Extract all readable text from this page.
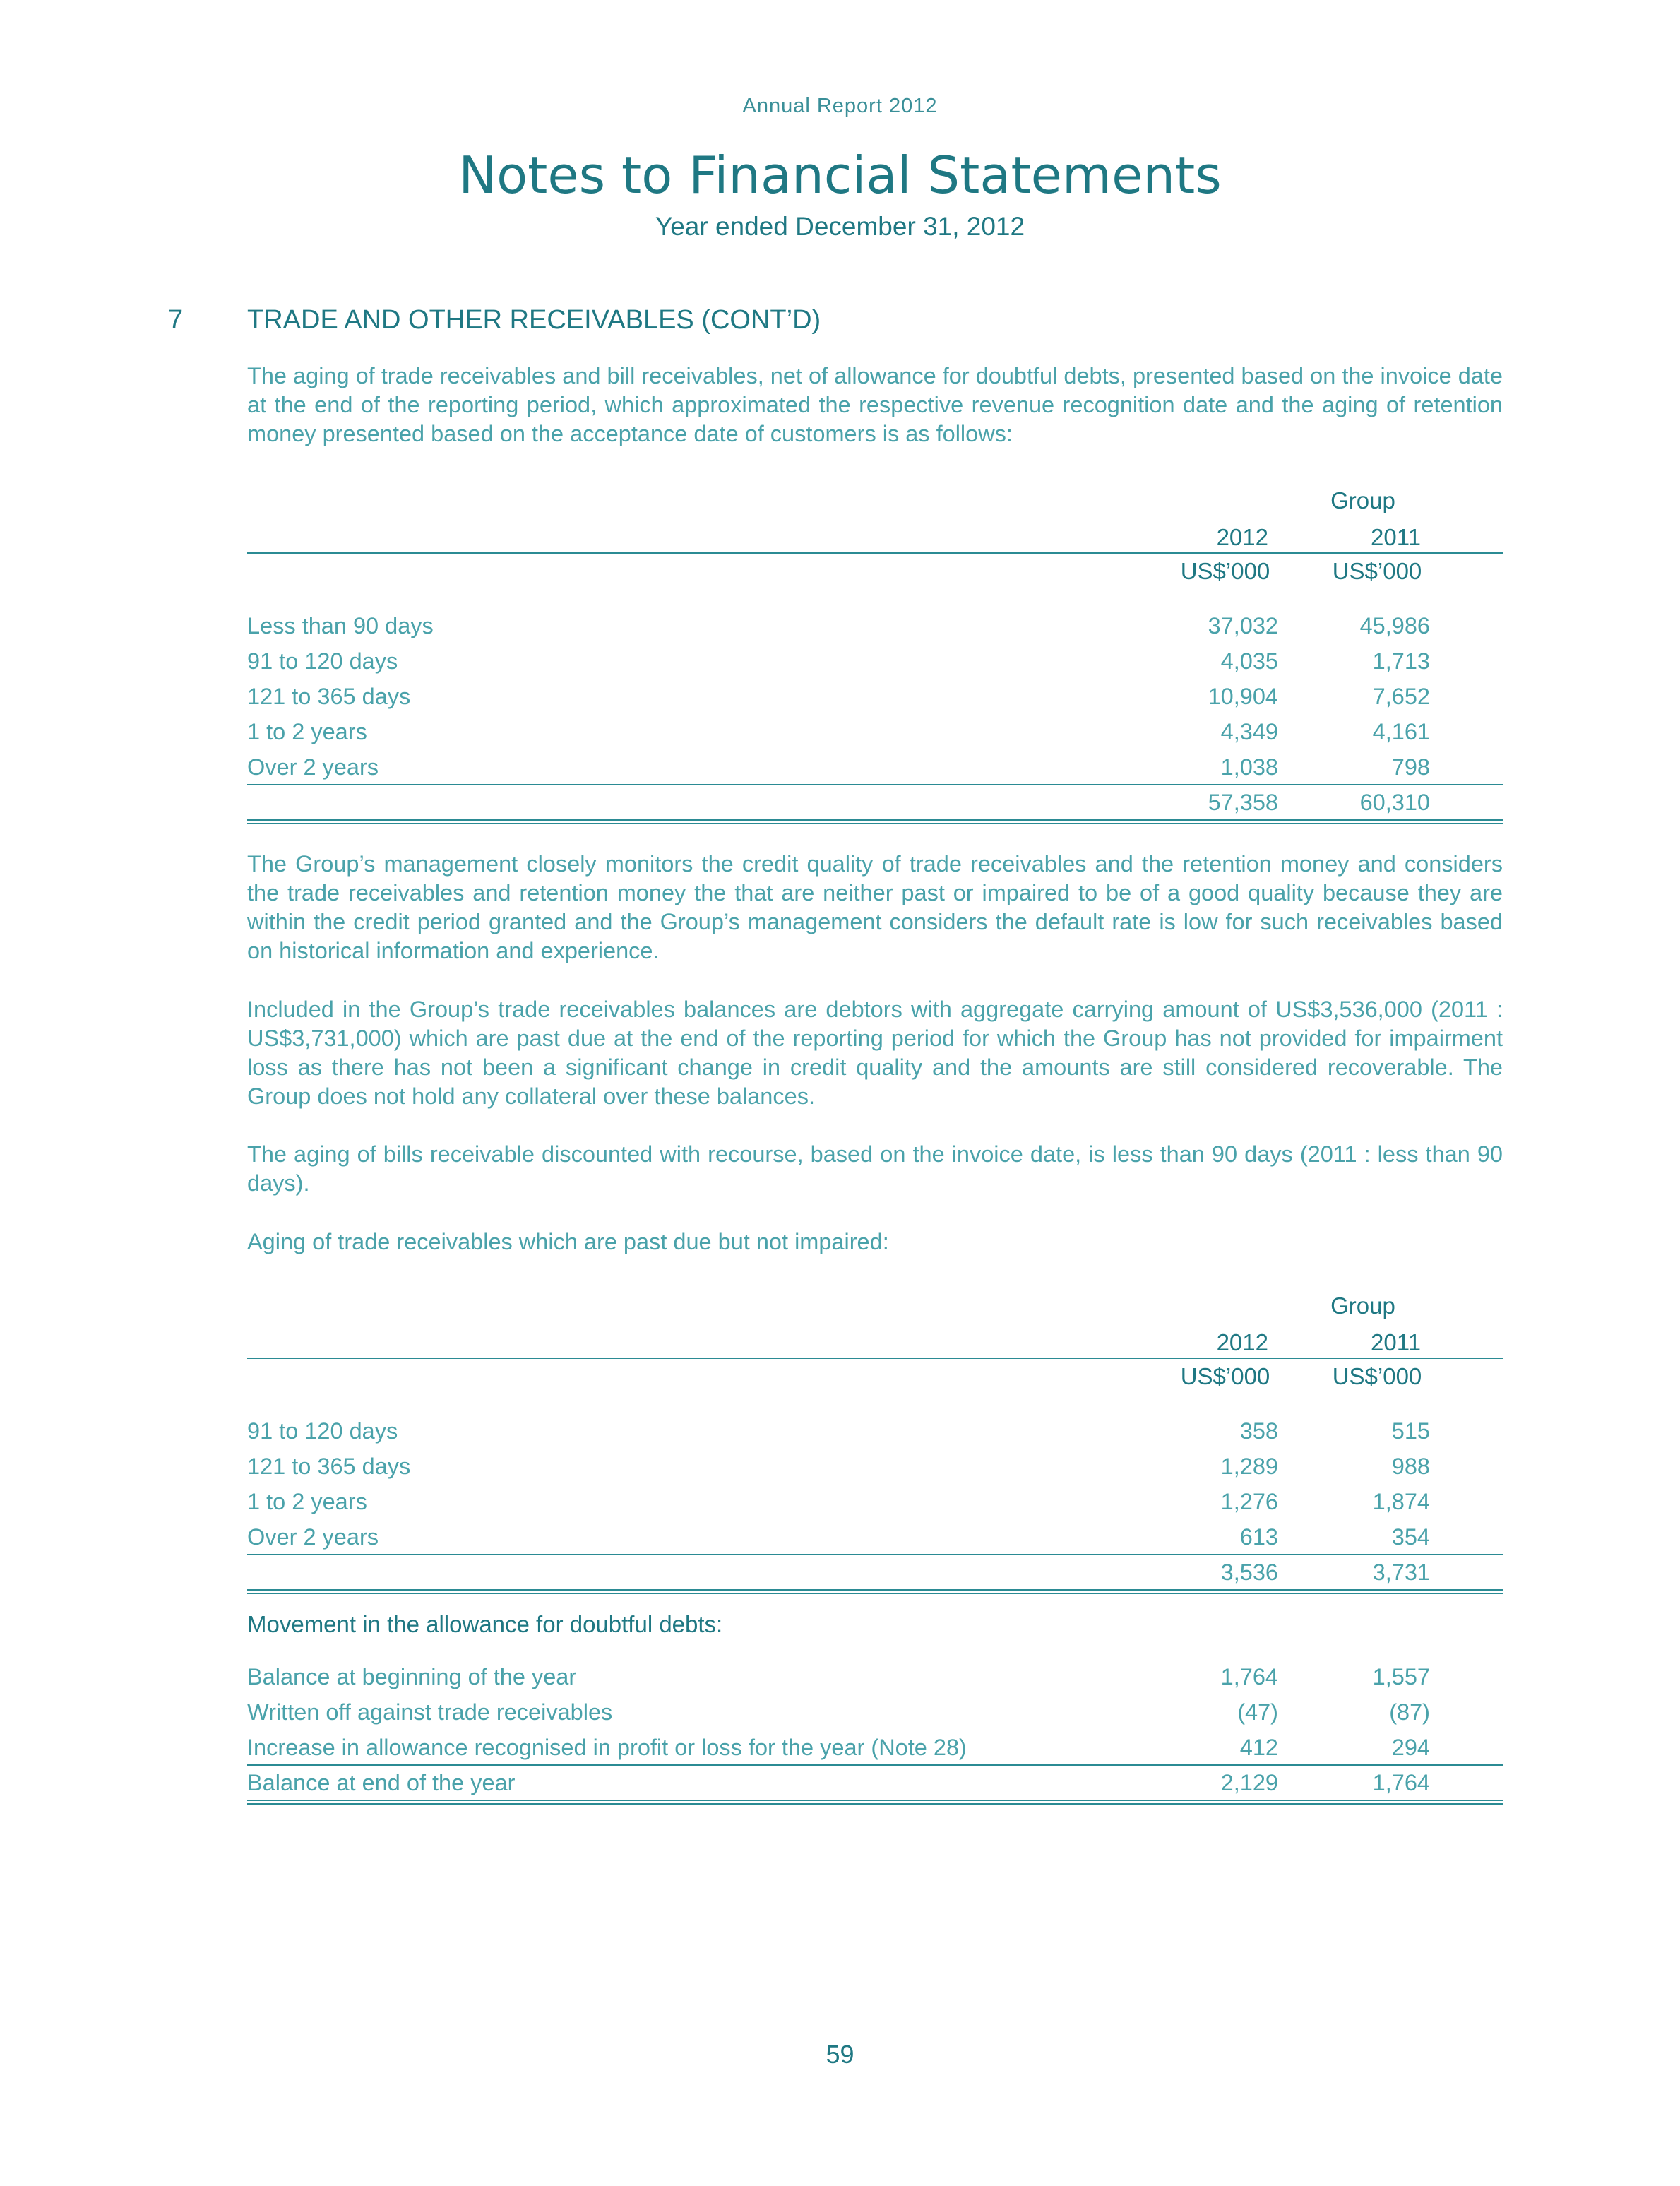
Annual Report 2012
Notes to Financial Statements
Year ended December 31, 2012
7 TRADE AND OTHER RECEIVABLES (CONT’D)

The aging of trade receivables and bill receivables, net of allowance for doubtful debts, presented based on the invoice date at the end of the reporting period, which approximated the respective revenue recognition date and the aging of retention money presented based on the acceptance date of customers is as follows:

Group
2012	2011
US$’000	US$’000
Less than 90 days	37,032	45,986
91 to 120 days	4,035	1,713
121 to 365 days	10,904	7,652
1 to 2 years	4,349	4,161
Over 2 years	1,038	798
57,358	60,310

The Group’s management closely monitors the credit quality of trade receivables and the retention money and considers the trade receivables and retention money the that are neither past or impaired to be of a good quality because they are within the credit period granted and the Group’s management considers the default rate is low for such receivables based on historical information and experience.

Included in the Group’s trade receivables balances are debtors with aggregate carrying amount of US$3,536,000 (2011 : US$3,731,000) which are past due at the end of the reporting period for which the Group has not provided for impairment loss as there has not been a significant change in credit quality and the amounts are still considered recoverable. The Group does not hold any collateral over these balances.

The aging of bills receivable discounted with recourse, based on the invoice date, is less than 90 days (2011 : less than 90 days).

Aging of trade receivables which are past due but not impaired:

Group
2012	2011
US$’000	US$’000
91 to 120 days	358	515
121 to 365 days	1,289	988
1 to 2 years	1,276	1,874
Over 2 years	613	354
3,536	3,731
Movement in the allowance for doubtful debts:
Balance at beginning of the year	1,764	1,557
Written off against trade receivables	(47)	(87)
Increase in allowance recognised in profit or loss for the year (Note 28)	412	294
Balance at end of the year	2,129	1,764
59
